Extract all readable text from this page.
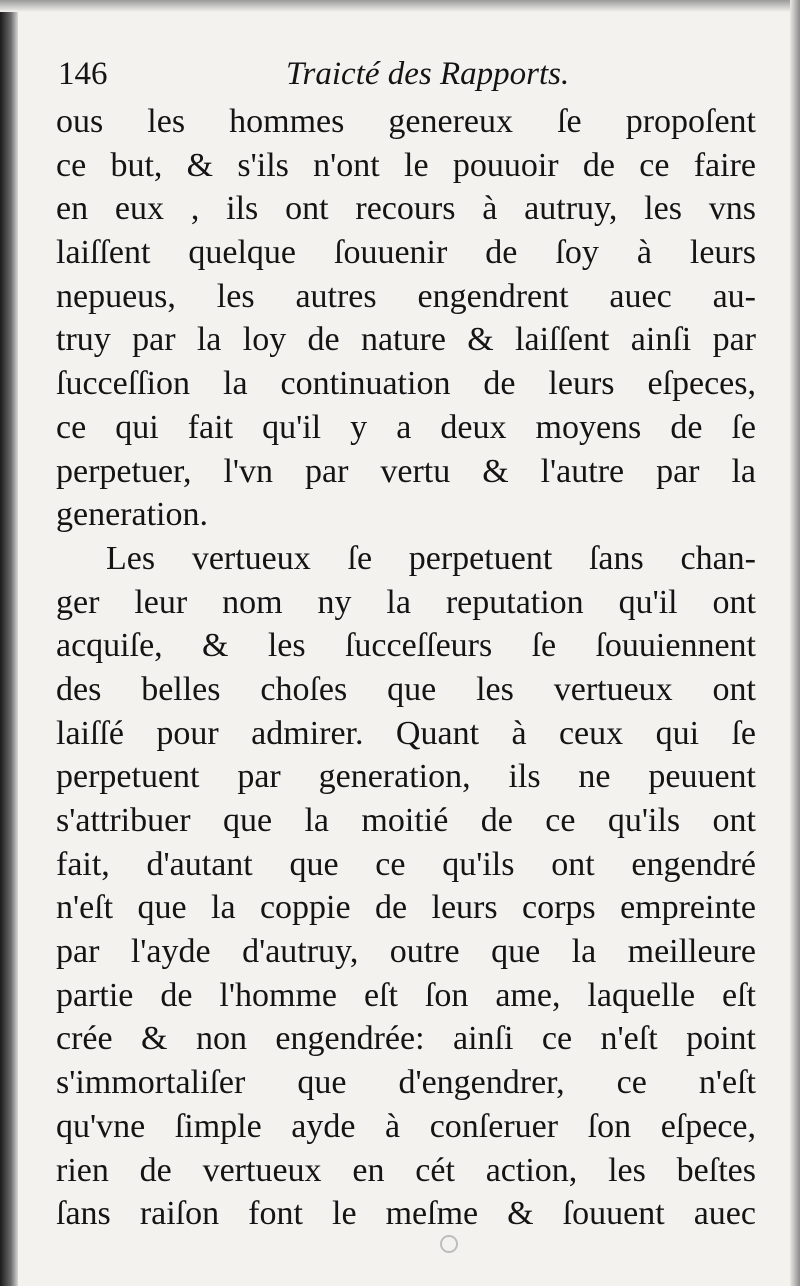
146	Traicté des Rapports.
ous les hommes genereux ſe propoſent
ce but, & s'ils n'ont le pouuoir de ce faire
en eux , ils ont recours à autruy, les vns
laiſſent quelque ſouuenir de ſoy à leurs
nepueus, les autres engendrent auec au-
truy par la loy de nature & laiſſent ainſi par
ſucceſſion la continuation de leurs eſpeces,
ce qui fait qu'il y a deux moyens de ſe
perpetuer, l'vn par vertu & l'autre par la
generation.
Les vertueux ſe perpetuent ſans chan-
ger leur nom ny la reputation qu'il ont
acquiſe, & les ſucceſſeurs ſe ſouuiennent
des belles choſes que les vertueux ont
laiſſé pour admirer. Quant à ceux qui ſe
perpetuent par generation, ils ne peuuent
s'attribuer que la moitié de ce qu'ils ont
fait, d'autant que ce qu'ils ont engendré
n'eſt que la coppie de leurs corps empreinte
par l'ayde d'autruy, outre que la meilleure
partie de l'homme eſt ſon ame, laquelle eſt
crée & non engendrée: ainſi ce n'eſt point
s'immortaliſer que d'engendrer, ce n'eſt
qu'vne ſimple ayde à conſeruer ſon eſpece,
rien de vertueux en cét action, les beſtes
ſans raiſon font le meſme & ſouuent auec
